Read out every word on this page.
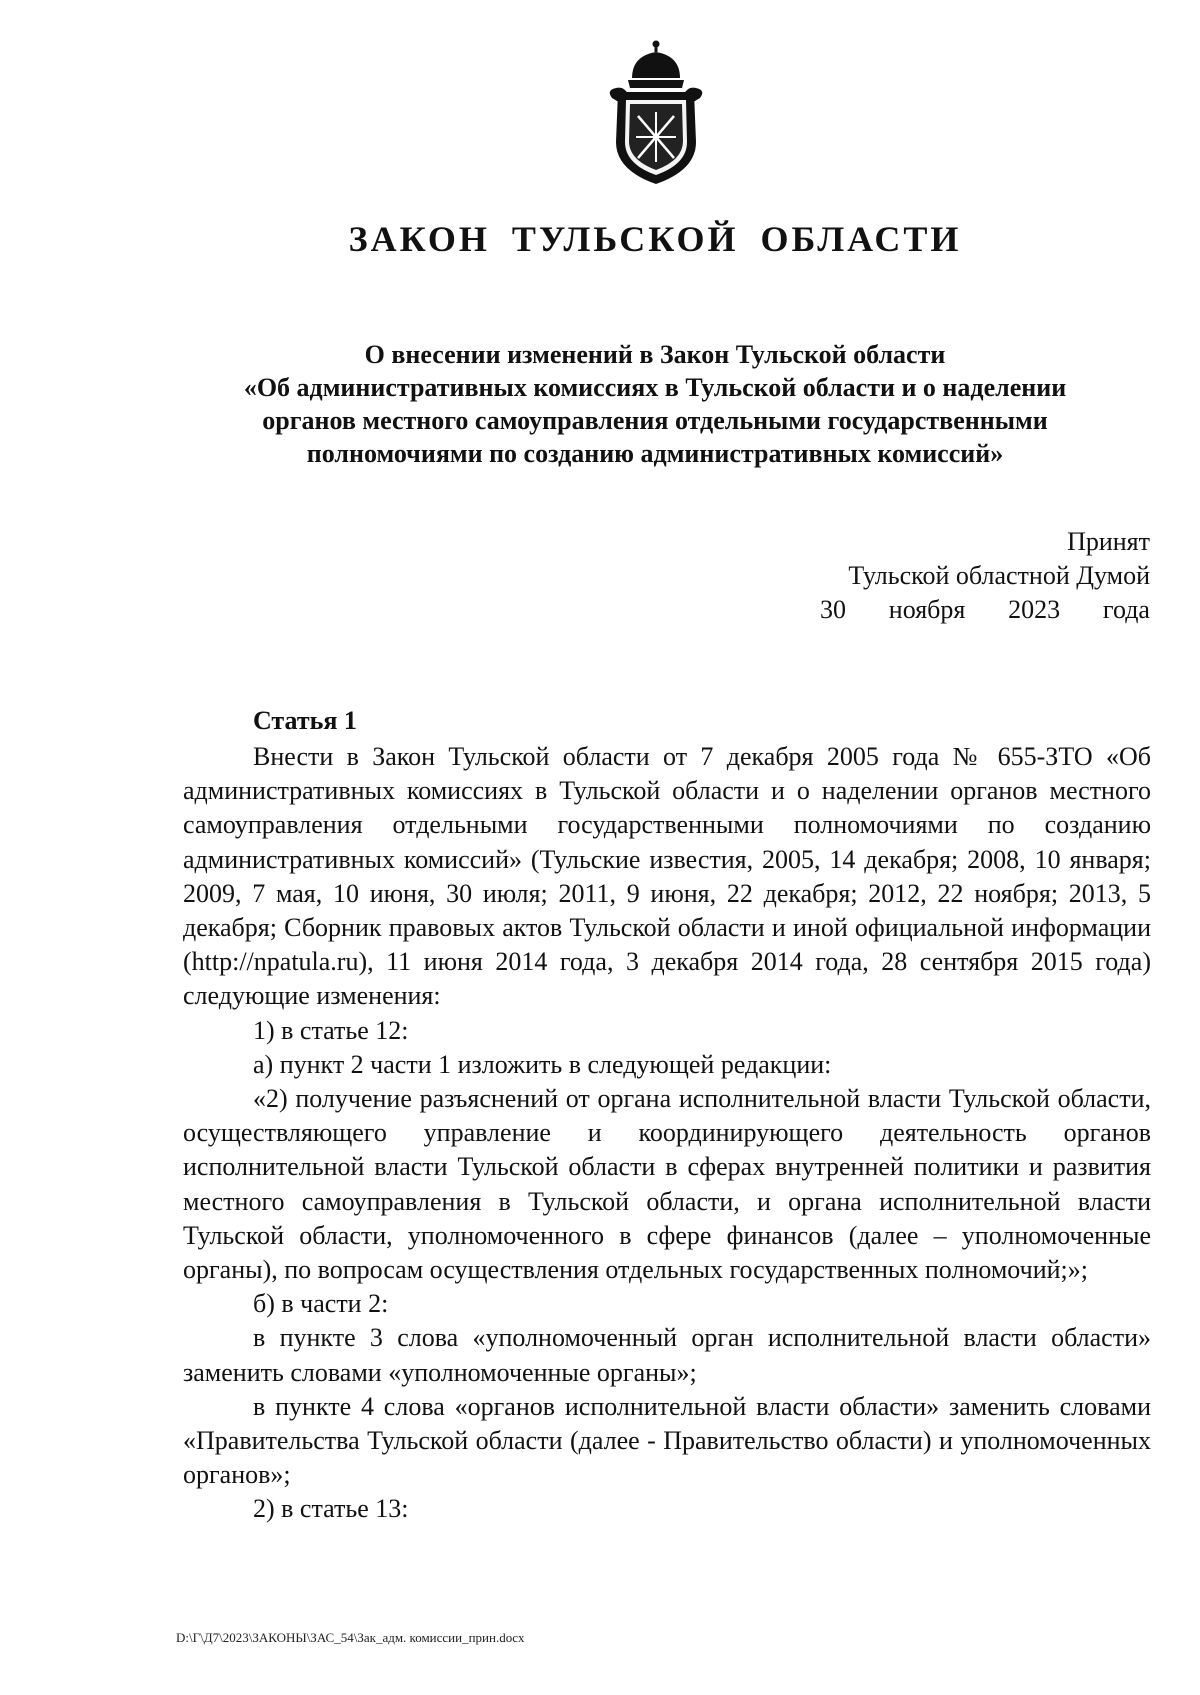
ЗАКОН ТУЛЬСКОЙ ОБЛАСТИ
О внесении изменений в Закон Тульской области
«Об административных комиссиях в Тульской области и о наделении
органов местного самоуправления отдельными государственными
полномочиями по созданию административных комиссий»
Принят
Тульской областной Думой
30 ноября 2023 года
Статья 1

Внести в Закон Тульской области от 7 декабря 2005 года № 655-ЗТО «Об административных комиссиях в Тульской области и о наделении органов местного самоуправления отдельными государственными полномочиями по созданию административных комиссий» (Тульские известия, 2005, 14 декабря; 2008, 10 января; 2009, 7 мая, 10 июня, 30 июля; 2011, 9 июня, 22 декабря; 2012, 22 ноября; 2013, 5 декабря; Сборник правовых актов Тульской области и иной официальной информации (http://npatula.ru), 11 июня 2014 года, 3 декабря 2014 года, 28 сентября 2015 года) следующие изменения:

1) в статье 12:

а) пункт 2 части 1 изложить в следующей редакции:

«2) получение разъяснений от органа исполнительной власти Тульской области, осуществляющего управление и координирующего деятельность органов исполнительной власти Тульской области в сферах внутренней политики и развития местного самоуправления в Тульской области, и органа исполнительной власти Тульской области, уполномоченного в сфере финансов (далее – уполномоченные органы), по вопросам осуществления отдельных государственных полномочий;»;

б) в части 2:

в пункте 3 слова «уполномоченный орган исполнительной власти области» заменить словами «уполномоченные органы»;

в пункте 4 слова «органов исполнительной власти области» заменить словами «Правительства Тульской области (далее - Правительство области) и уполномоченных органов»;

2) в статье 13:

D:\Г\Д7\2023\ЗАКОНЫ\ЗАС_54\Зак_адм. комиссии_прин.docx
